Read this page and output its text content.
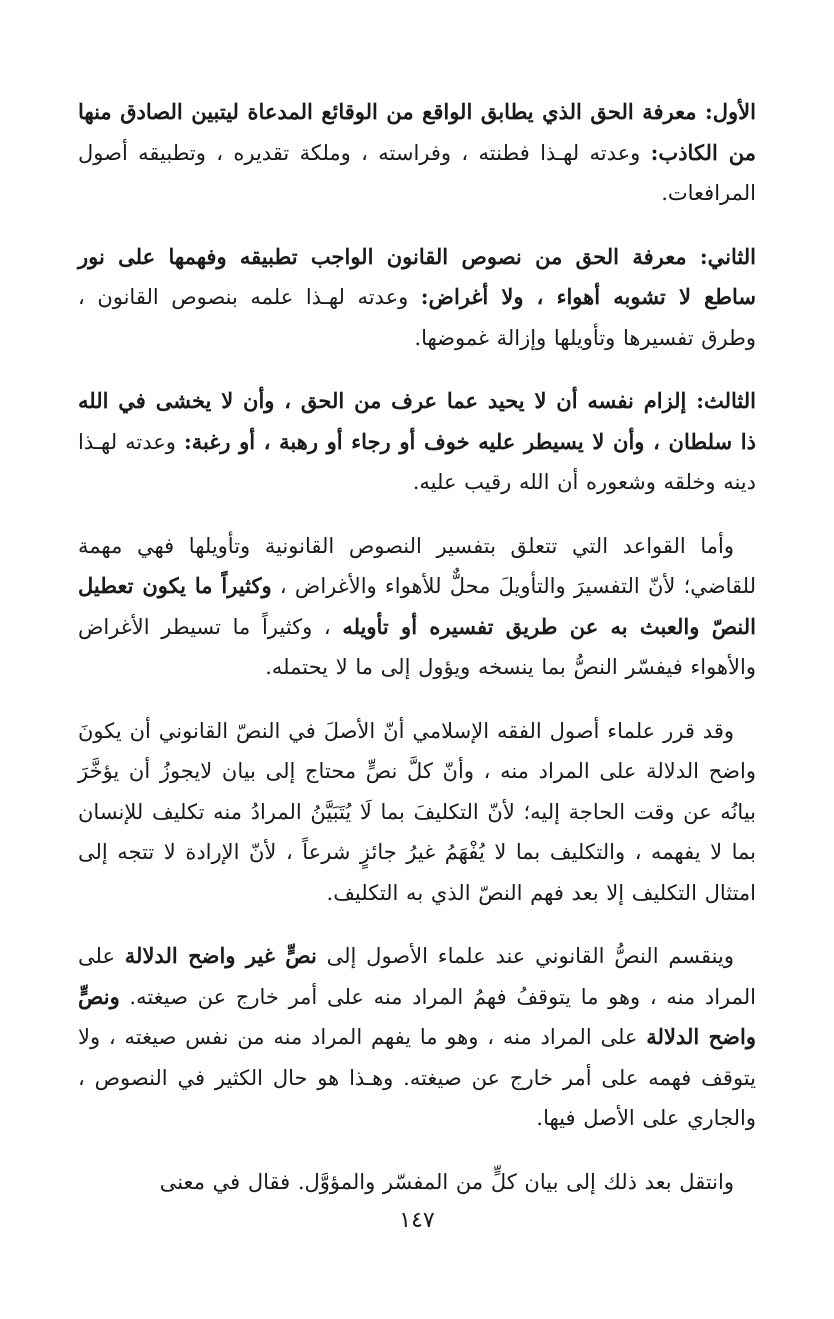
الأول: معرفة الحق الذي يطابق الواقع من الوقائع المدعاة ليتبين الصادق منها من الكاذب: وعدته لهـذا فطنته ، وفراسته ، وملكة تقديره ، وتطبيقه أصول المرافعات.

الثاني: معرفة الحق من نصوص القانون الواجب تطبيقه وفهمها على نور ساطع لا تشوبه أهواء ، ولا أغراض: وعدته لهـذا علمه بنصوص القانون ، وطرق تفسيرها وتأويلها وإزالة غموضها.

الثالث: إلزام نفسه أن لا يحيد عما عرف من الحق ، وأن لا يخشى في الله ذا سلطان ، وأن لا يسيطر عليه خوف أو رجاء أو رهبة ، أو رغبة: وعدته لهـذا دينه وخلقه وشعوره أن الله رقيب عليه.

وأما القواعد التي تتعلق بتفسير النصوص القانونية وتأويلها فهي مهمة للقاضي؛ لأنّ التفسيرَ والتأويلَ محلٌّ للأهواء والأغراض ، وكثيراً ما يكون تعطيل النصّ والعبث به عن طريق تفسيره أو تأويله ، وكثيراً ما تسيطر الأغراض والأهواء فيفسّر النصُّ بما ينسخه ويؤول إلى ما لا يحتمله.

وقد قرر علماء أصول الفقه الإسلامي أنّ الأصلَ في النصّ القانوني أن يكونَ واضح الدلالة على المراد منه ، وأنّ كلَّ نصٍّ محتاج إلى بيان لايجوزُ أن يؤخَّرَ بيانُه عن وقت الحاجة إليه؛ لأنّ التكليفَ بما لَا يُتَبَيَّنُ المرادُ منه تكليف للإنسان بما لا يفهمه ، والتكليف بما لا يُفْهَمُ غيرُ جائزٍ شرعاً ، لأنّ الإرادة لا تتجه إلى امتثال التكليف إلا بعد فهم النصّ الذي به التكليف.

وينقسم النصُّ القانوني عند علماء الأصول إلى نصٍّ غير واضح الدلالة على المراد منه ، وهو ما يتوقفُ فهمُ المراد منه على أمر خارج عن صيغته. ونصٍّ واضح الدلالة على المراد منه ، وهو ما يفهم المراد منه من نفس صيغته ، ولا يتوقف فهمه على أمر خارج عن صيغته. وهـذا هو حال الكثير في النصوص ، والجاري على الأصل فيها.

وانتقل بعد ذلك إلى بيان كلٍّ من المفسّر والمؤوَّل. فقال في معنى

١٤٧
